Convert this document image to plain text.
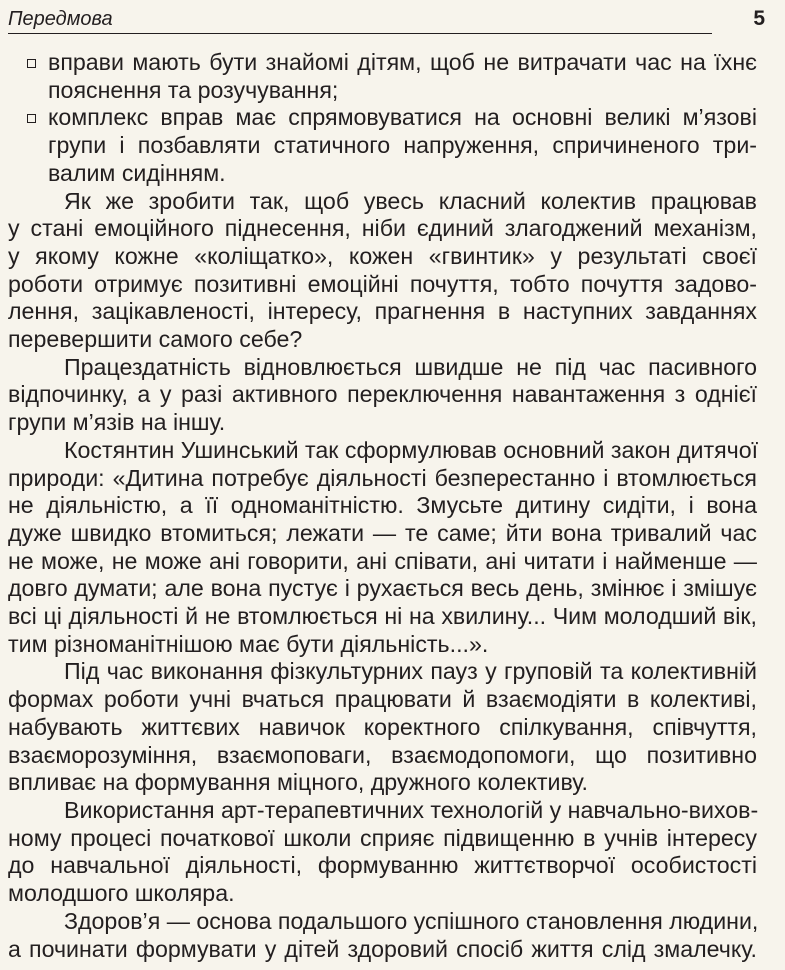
Передмова	5
вправи мають бути знайомі дітям, щоб не витрачати час на їхнє
пояснення та розучування;
комплекс вправ має спрямовуватися на основні великі м’язові
групи і позбавляти статичного напруження, спричиненого три-
валим сидінням.

Як же зробити так, щоб увесь класний колектив працював
у стані емоційного піднесення, ніби єдиний злагоджений механізм,
у якому кожне «коліщатко», кожен «гвинтик» у результаті своєї
роботи отримує позитивні емоційні почуття, тобто почуття задово-
лення, зацікавленості, інтересу, прагнення в наступних завданнях
перевершити самого себе?

Працездатність відновлюється швидше не під час пасивного
відпочинку, а у разі активного переключення навантаження з однієї
групи м’язів на іншу.

Костянтин Ушинський так сформулював основний закон дитячої
природи: «Дитина потребує діяльності безперестанно і втомлюється
не діяльністю, а її одноманітністю. Змусьте дитину сидіти, і вона
дуже швидко втомиться; лежати — те саме; йти вона тривалий час
не може, не може ані говорити, ані співати, ані читати і найменше —
довго думати; але вона пустує і рухається весь день, змінює і змішує
всі ці діяльності й не втомлюється ні на хвилину... Чим молодший вік,
тим різноманітнішою має бути діяльність...».

Під час виконання фізкультурних пауз у груповій та колективній
формах роботи учні вчаться працювати й взаємодіяти в колективі,
набувають життєвих навичок коректного спілкування, співчуття,
взаєморозуміння, взаємоповаги, взаємодопомоги, що позитивно
впливає на формування міцного, дружного колективу.

Використання арт-терапевтичних технологій у навчально-вихов-
ному процесі початкової школи сприяє підвищенню в учнів інтересу
до навчальної діяльності, формуванню життєтворчої особистості
молодшого школяра.

Здоров’я — основа подальшого успішного становлення людини,
а починати формувати у дітей здоровий спосіб життя слід змалечку.
